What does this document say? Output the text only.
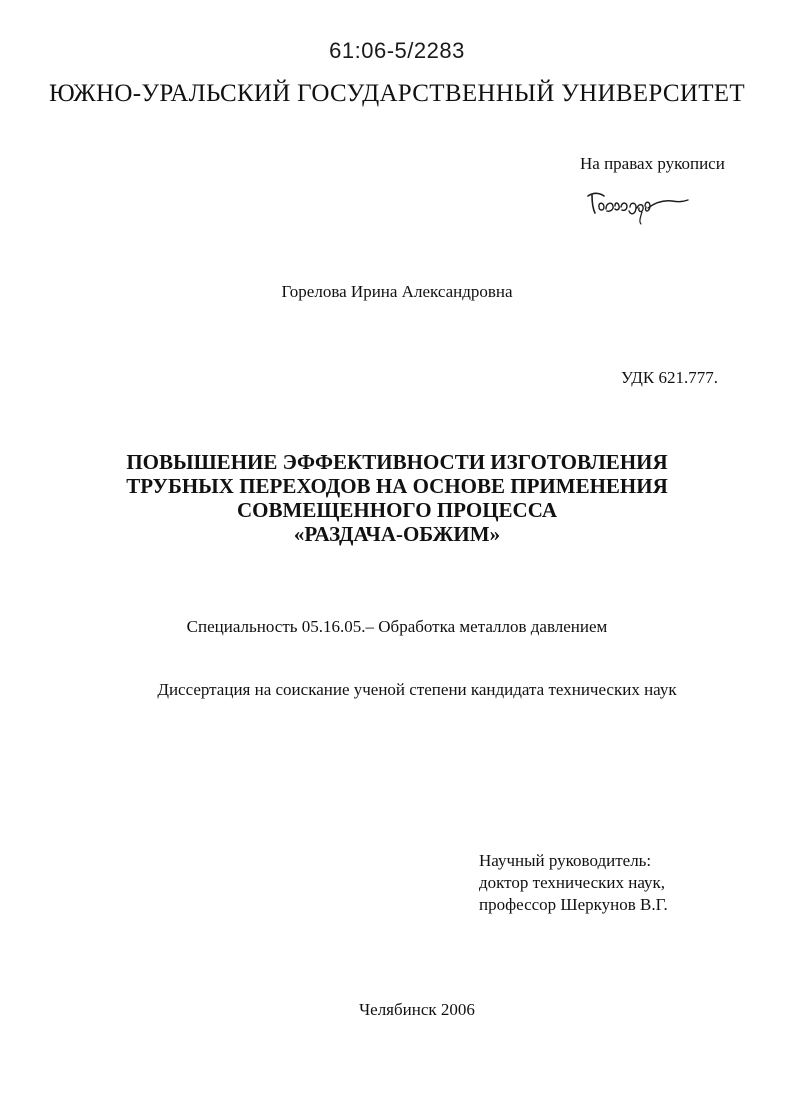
61:06-5/2283
ЮЖНО-УРАЛЬСКИЙ ГОСУДАРСТВЕННЫЙ УНИВЕРСИТЕТ
На правах рукописи
Горелова Ирина Александровна
УДК 621.777.
ПОВЫШЕНИЕ ЭФФЕКТИВНОСТИ ИЗГОТОВЛЕНИЯ
ТРУБНЫХ ПЕРЕХОДОВ НА ОСНОВЕ ПРИМЕНЕНИЯ
СОВМЕЩЕННОГО ПРОЦЕССА
«РАЗДАЧА-ОБЖИМ»
Специальность 05.16.05.– Обработка металлов давлением
Диссертация на соискание ученой степени кандидата технических наук
Научный руководитель:
доктор технических наук,
профессор Шеркунов В.Г.
Челябинск 2006
